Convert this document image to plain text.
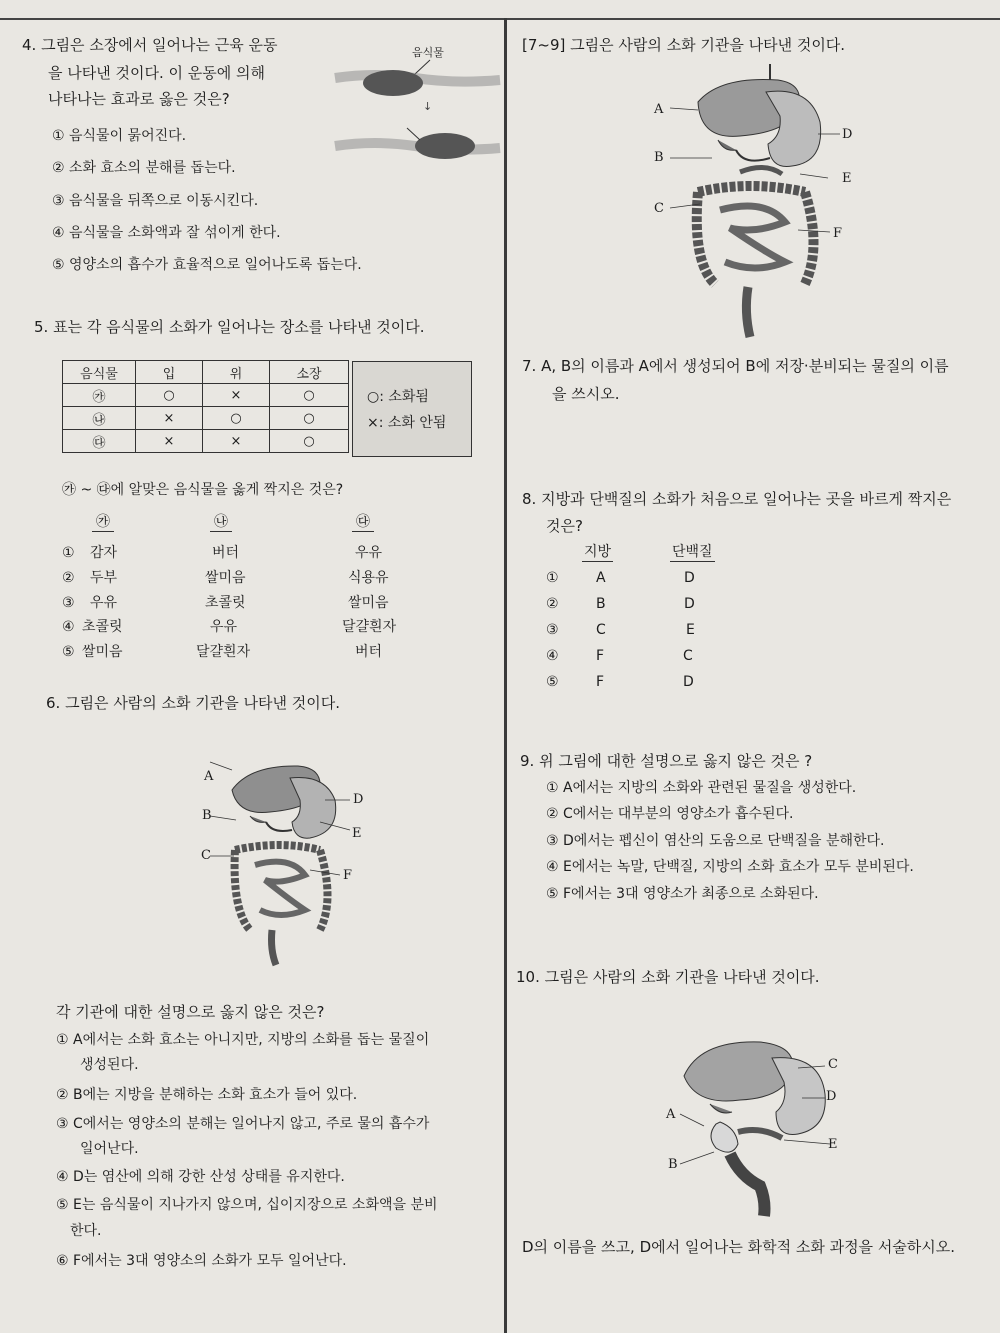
4. 그림은 소장에서 일어나는 근육 운동
을 나타낸 것이다. 이 운동에 의해
나타나는 효과로 옳은 것은?
음식물
↓
① 음식물이 묽어진다.
② 소화 효소의 분해를 돕는다.
③ 음식물을 뒤쪽으로 이동시킨다.
④ 음식물을 소화액과 잘 섞이게 한다.
⑤ 영양소의 흡수가 효율적으로 일어나도록 돕는다.
5. 표는 각 음식물의 소화가 일어나는 장소를 나타낸 것이다.
음식물	입	위	소장
㉮	○	×	○
㉯	×	○	○
㉰	×	×	○
○: 소화됨
×: 소화 안됨
㉮ ~ ㉰에 알맞은 음식물을 옳게 짝지은 것은?
㉮	㉯	㉰
① 감자	버터	우유
② 두부	쌀미음	식용유
③ 우유	초콜릿	쌀미음
④ 초콜릿	우유	달걀흰자
⑤ 쌀미음	달걀흰자	버터
6. 그림은 사람의 소화 기관을 나타낸 것이다.
A
B
C
D
E
F
각 기관에 대한 설명으로 옳지 않은 것은?
① A에서는 소화 효소는 아니지만, 지방의 소화를 돕는 물질이
생성된다.
② B에는 지방을 분해하는 소화 효소가 들어 있다.
③ C에서는 영양소의 분해는 일어나지 않고, 주로 물의 흡수가
일어난다.
④ D는 염산에 의해 강한 산성 상태를 유지한다.
⑤ E는 음식물이 지나가지 않으며, 십이지장으로 소화액을 분비
한다.
⑥ F에서는 3대 영양소의 소화가 모두 일어난다.
[7~9] 그림은 사람의 소화 기관을 나타낸 것이다.
A
B
C
D
E
F
7. A, B의 이름과 A에서 생성되어 B에 저장·분비되는 물질의 이름
을 쓰시오.
8. 지방과 단백질의 소화가 처음으로 일어나는 곳을 바르게 짝지은
것은?
지방	단백질
①	A	D
②	B	D
③	C	E
④	F	C
⑤	F	D
9. 위 그림에 대한 설명으로 옳지 않은 것은 ?
① A에서는 지방의 소화와 관련된 물질을 생성한다.
② C에서는 대부분의 영양소가 흡수된다.
③ D에서는 펩신이 염산의 도움으로 단백질을 분해한다.
④ E에서는 녹말, 단백질, 지방의 소화 효소가 모두 분비된다.
⑤ F에서는 3대 영양소가 최종으로 소화된다.
10. 그림은 사람의 소화 기관을 나타낸 것이다.
C
D
E
A
B
D의 이름을 쓰고, D에서 일어나는 화학적 소화 과정을 서술하시오.
